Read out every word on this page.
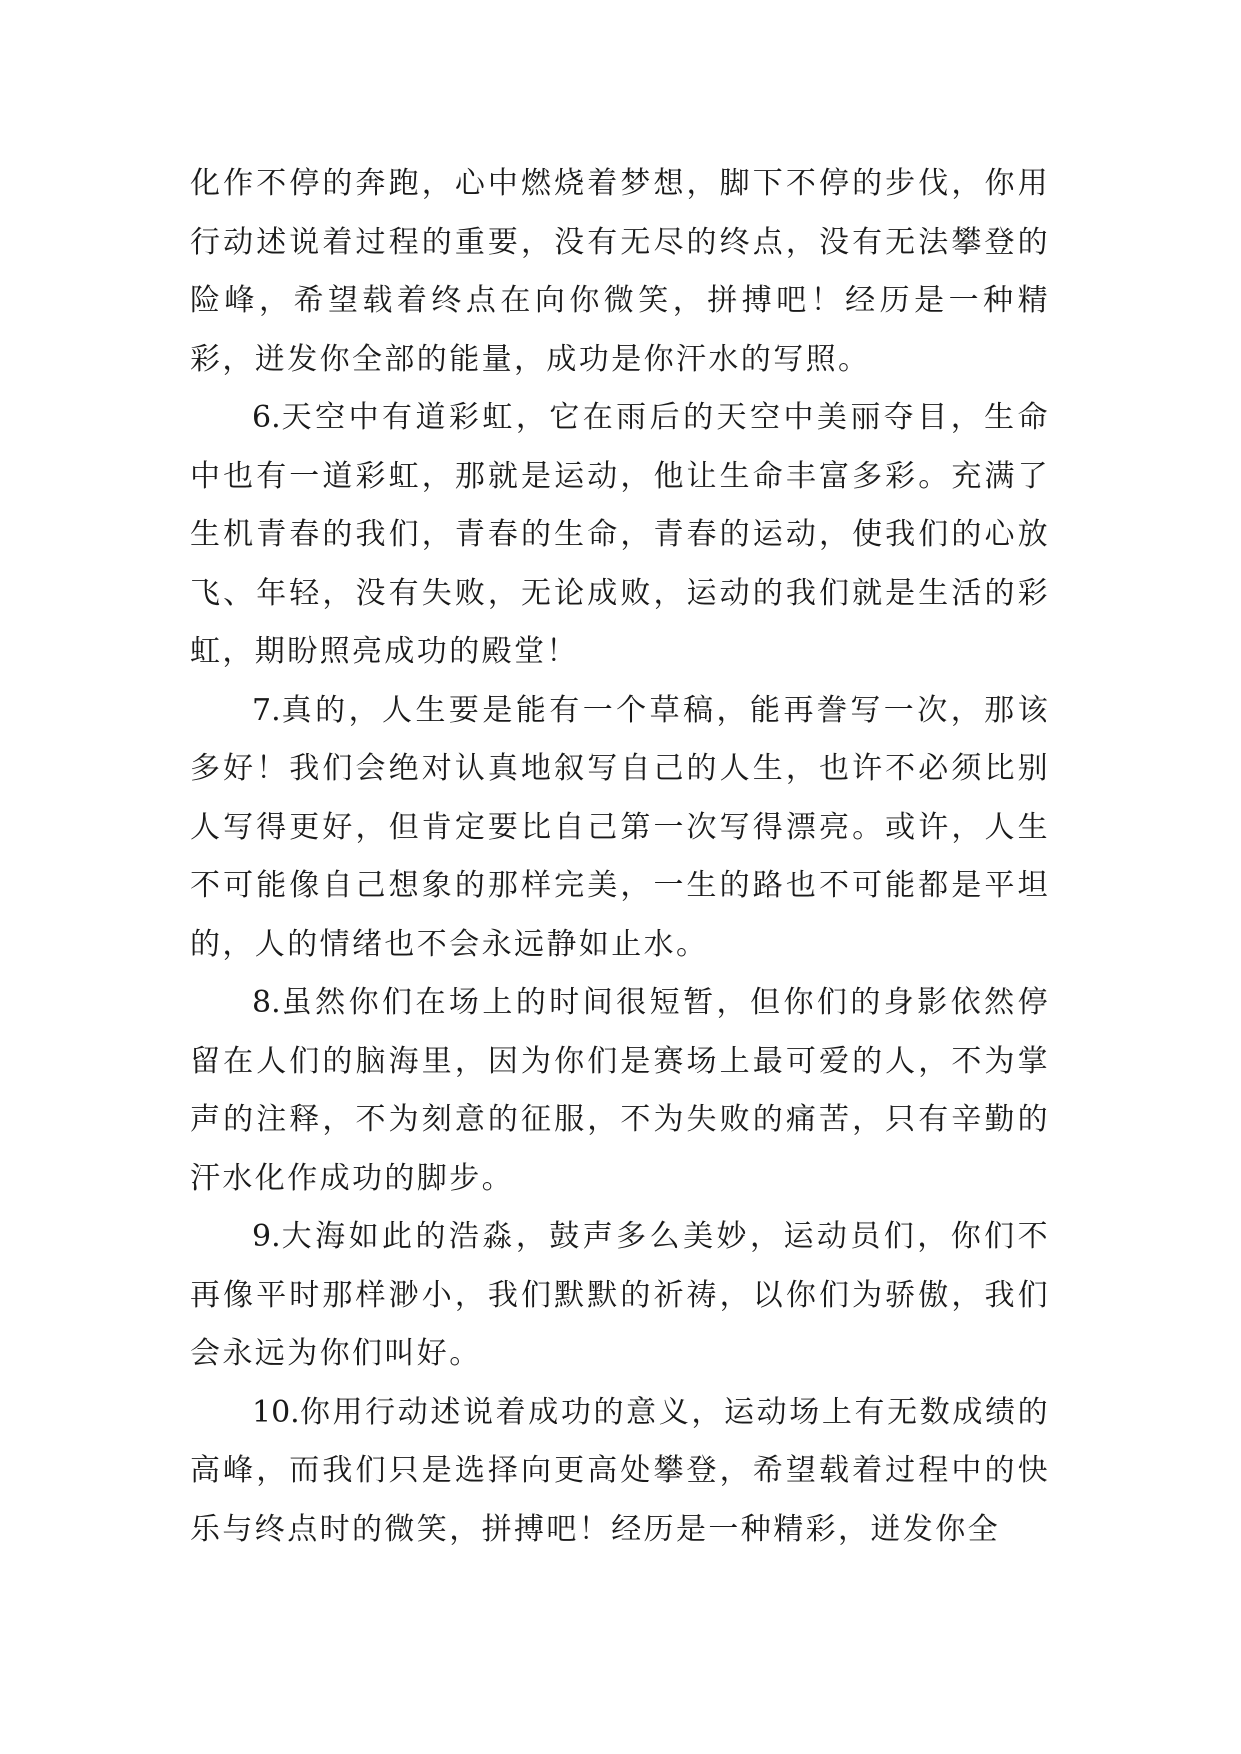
化作不停的奔跑，心中燃烧着梦想，脚下不停的步伐，你用行动述说着过程的重要，没有无尽的终点，没有无法攀登的险峰，希望载着终点在向你微笑，拼搏吧！经历是一种精彩，迸发你全部的能量，成功是你汗水的写照。

6.天空中有道彩虹，它在雨后的天空中美丽夺目，生命中也有一道彩虹，那就是运动，他让生命丰富多彩。充满了生机青春的我们，青春的生命，青春的运动，使我们的心放飞、年轻，没有失败，无论成败，运动的我们就是生活的彩虹，期盼照亮成功的殿堂！

7.真的，人生要是能有一个草稿，能再誊写一次，那该多好！我们会绝对认真地叙写自己的人生，也许不必须比别人写得更好，但肯定要比自己第一次写得漂亮。或许，人生不可能像自己想象的那样完美，一生的路也不可能都是平坦的，人的情绪也不会永远静如止水。

8.虽然你们在场上的时间很短暂，但你们的身影依然停留在人们的脑海里，因为你们是赛场上最可爱的人，不为掌声的注释，不为刻意的征服，不为失败的痛苦，只有辛勤的汗水化作成功的脚步。

9.大海如此的浩淼，鼓声多么美妙，运动员们，你们不再像平时那样渺小，我们默默的祈祷，以你们为骄傲，我们会永远为你们叫好。

10.你用行动述说着成功的意义，运动场上有无数成绩的高峰，而我们只是选择向更高处攀登，希望载着过程中的快乐与终点时的微笑，拼搏吧！经历是一种精彩，迸发你全
